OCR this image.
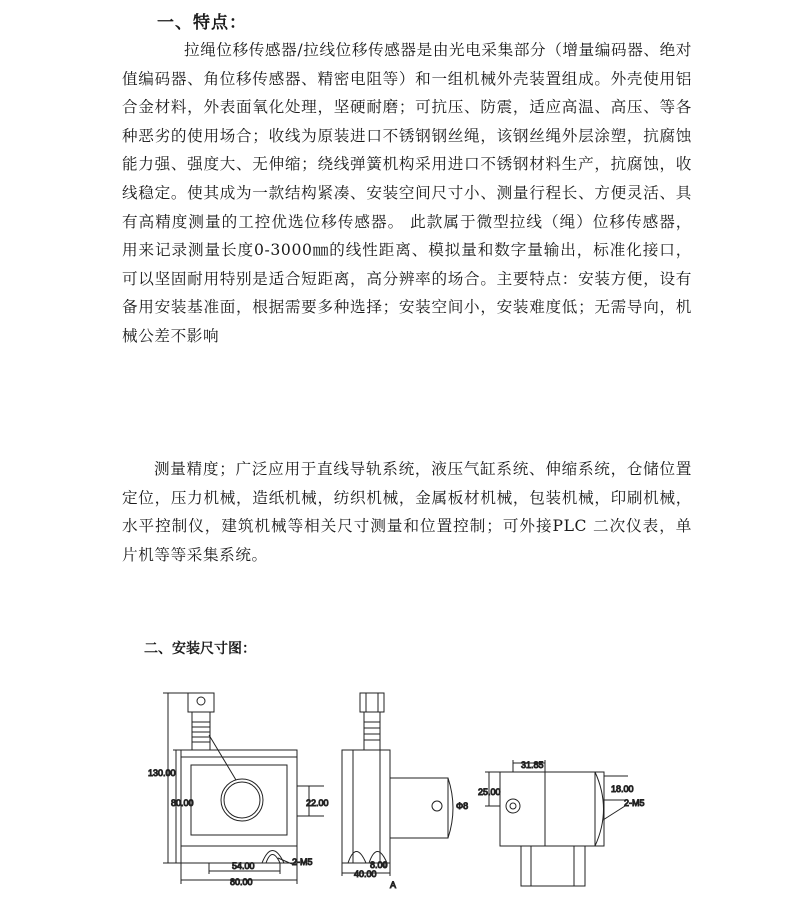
一、特点：
拉绳位移传感器/拉线位移传感器是由光电采集部分（增量编码器、绝对值编码器、角位移传感器、精密电阻等）和一组机械外壳装置组成。外壳使用铝合金材料，外表面氧化处理，坚硬耐磨；可抗压、防震，适应高温、高压、等各种恶劣的使用场合；收线为原装进口不锈钢钢丝绳，该钢丝绳外层涂塑，抗腐蚀能力强、强度大、无伸缩；绕线弹簧机构采用进口不锈钢材料生产，抗腐蚀，收线稳定。使其成为一款结构紧凑、安装空间尺寸小、测量行程长、方便灵活、具有高精度测量的工控优选位移传感器。 此款属于微型拉线（绳）位移传感器，用来记录测量长度0-3000㎜的线性距离、模拟量和数字量输出，标准化接口，可以坚固耐用特别是适合短距离，高分辨率的场合。主要特点：安装方便，设有备用安装基准面，根据需要多种选择；安装空间小，安装难度低；无需导向，机械公差不影响
测量精度；广泛应用于直线导轨系统，液压气缸系统、伸缩系统，仓储位置定位，压力机械，造纸机械，纺织机械，金属板材机械，包装机械，印刷机械，水平控制仪，建筑机械等相关尺寸测量和位置控制；可外接PLC 二次仪表，单片机等等采集系统。
二、安装尺寸图：
130.00
80.00	22.00
54.00
80.00
2-M5
40.00
8.00
Φ8
A
31.85
25.00	18.00
2-M5
